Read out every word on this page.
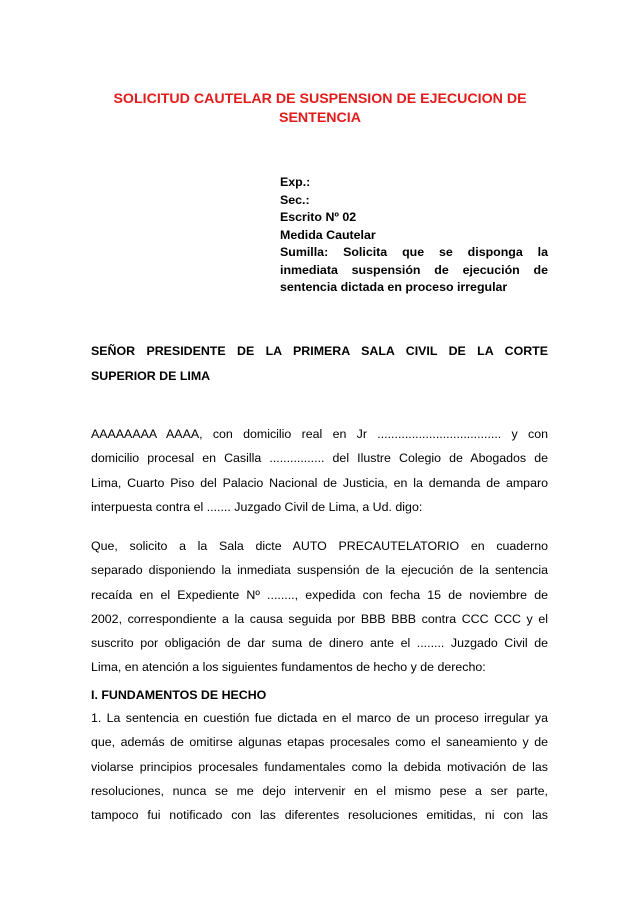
SOLICITUD CAUTELAR DE SUSPENSION DE EJECUCION DE
SENTENCIA
Exp.:
Sec.:
Escrito Nº 02
Medida Cautelar
Sumilla: Solicita que se disponga la
inmediata suspensión de ejecución de
sentencia dictada en proceso irregular
SEÑOR PRESIDENTE DE LA PRIMERA SALA CIVIL DE LA CORTE
SUPERIOR DE LIMA
AAAAAAAA AAAA, con domicilio real en Jr .................................... y con
domicilio procesal en Casilla ................ del Ilustre Colegio de Abogados de
Lima, Cuarto Piso del Palacio Nacional de Justicia, en la demanda de amparo
interpuesta contra el ....... Juzgado Civil de Lima, a Ud. digo:
Que, solicito a la Sala dicte AUTO PRECAUTELATORIO en cuaderno
separado disponiendo la inmediata suspensión de la ejecución de la sentencia
recaída en el Expediente Nº ........, expedida con fecha 15 de noviembre de
2002, correspondiente a la causa seguida por BBB BBB contra CCC CCC y el
suscrito por obligación de dar suma de dinero ante el ........ Juzgado Civil de
Lima, en atención a los siguientes fundamentos de hecho y de derecho:
I. FUNDAMENTOS DE HECHO
1. La sentencia en cuestión fue dictada en el marco de un proceso irregular ya
que, además de omitirse algunas etapas procesales como el saneamiento y de
violarse principios procesales fundamentales como la debida motivación de las
resoluciones, nunca se me dejo intervenir en el mismo pese a ser parte,
tampoco fui notificado con las diferentes resoluciones emitidas, ni con las
